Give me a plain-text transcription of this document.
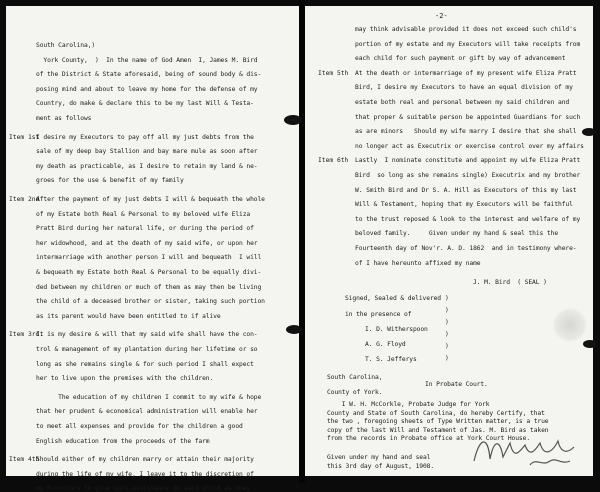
South Carolina,)
York County,  )  In the name of God Amen  I, James M. Bird
of the District & State aforesaid, being of sound body & dis-
posing mind and about to leave my home for the defense of my
Country, do make & declare this to be my last Will & Testa-
ment as follows
I desire my Executors to pay off all my just debts from the
sale of my deep bay Stallion and bay mare mule as soon after
my death as practicable, as I desire to retain my land & ne-
groes for the use & benefit of my family
After the payment of my just debts I will & bequeath the whole
of my Estate both Real & Personal to my beloved wife Eliza
Pratt Bird during her natural life, or during the period of
her widowhood, and at the death of my said wife, or upon her
intermarriage with another person I will and bequeath  I will
& bequeath my Estate both Real & Personal to be equally divi-
ded between my children or much of them as may then be living
the child of a deceased brother or sister, taking such portion
as its parent would have been entitled to if alive
It is my desire & will that my said wife shall have the con-
trol & management of my plantation during her lifetime or so
long as she remains single & for such period I shall expect
her to live upon the premises with the children.
The education of my children I commit to my wife & hope
that her prudent & economical administration will enable her
to meet all expenses and provide for the children a good
English education from the proceeds of the farm
Should either of my children marry or attain their majority
during the life of my wife, I leave it to the discretion of
my Executors to give such assistance to said child as they
Item 1st
Item 2nd
Item 3rd.
Item 4th
-2-
may think advisable provided it does not exceed such child's
portion of my estate and my Executors will take receipts from
each child for such payment or gift by way of advancement
At the death or intermarriage of my present wife Eliza Pratt
Bird, I desire my Executors to have an equal division of my
estate both real and personal between my said children and
that proper & suitable person be appointed Guardians for such
as are minors   Should my wife marry I desire that she shall
no longer act as Executrix or exercise control over my affairs
Lastly  I nominate constitute and appoint my wife Eliza Pratt
Bird  so long as she remains single) Executrix and my brother
W. Smith Bird and Dr S. A. Hill as Executors of this my last
Will & Testament, hoping that my Executors will be faithful
to the trust reposed & look to the interest and welfare of my
beloved family.     Given under my hand & seal this the
Fourteenth day of Nov'r. A. D. 1862  and in testimony where-
of I have hereunto affixed my name
Item 5th
Item 6th
J. M. Bird  ( SEAL )
Signed, Sealed & delivered
in the presence of
I. D. Witherspoon
A. G. Floyd
T. S. Jefferys
)
)
)
)
)
)
South Carolina,
County of York.
In Probate Court.
I W. H. McCorkle, Probate Judge for York
County and State of South Carolina, do hereby Certify, that
the two , foregoing sheets of Type Written matter, is a true
copy of the last Will and Testament of Jas. M. Bird as taken
from the records in Probate office at York Court House.
Given under my hand and seal
this 3rd day of August, 1908.
